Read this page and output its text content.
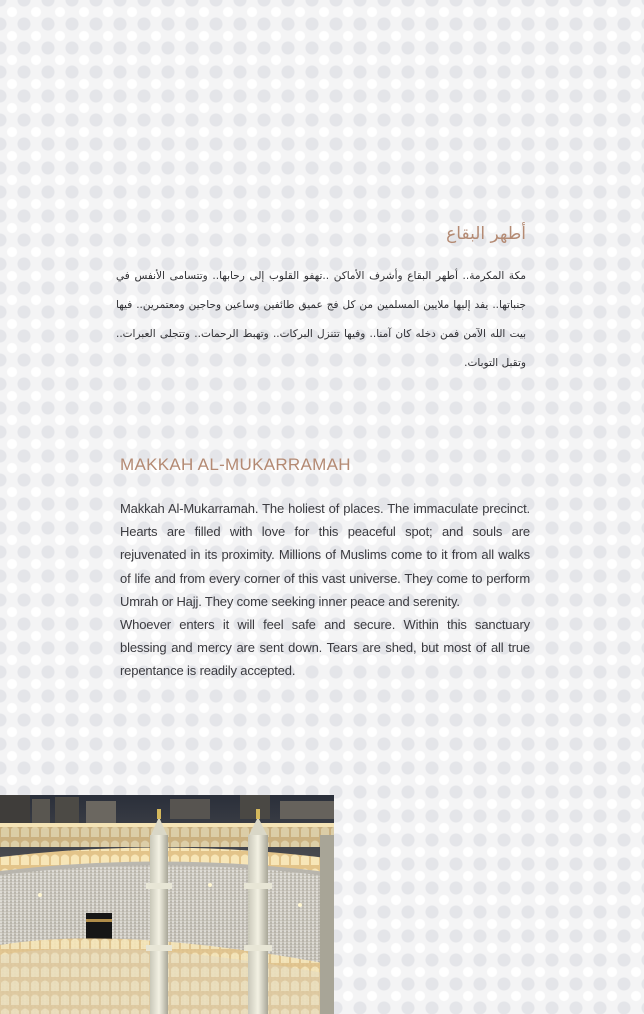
أطهر البقاع

مكة المكرمة.. أطهر البقاع وأشرف الأماكن ..تهفو القلوب إلى رحابها.. وتتسامى الأنفس في جنباتها.. يفد إليها ملايين المسلمين من كل فج عميق طائفين وساعين وحاجين ومعتمرين.. فيها بيت الله الآمن فمن دخله كان آمنا.. وفيها تتنزل البركات.. وتهبط الرحمات.. وتتجلى العبرات.. وتقبل التوبات.

MAKKAH AL-MUKARRAMAH

Makkah Al-Mukarramah. The holiest of places. The immaculate precinct. Hearts are filled with love for this peaceful spot; and souls are rejuvenated in its proximity. Millions of Muslims come to it from all walks of life and from every corner of this vast universe. They come to perform Umrah or Hajj. They come seeking inner peace and serenity.

Whoever enters it will feel safe and secure. Within this sanctuary blessing and mercy are sent down. Tears are shed, but most of all true repentance is readily accepted.
